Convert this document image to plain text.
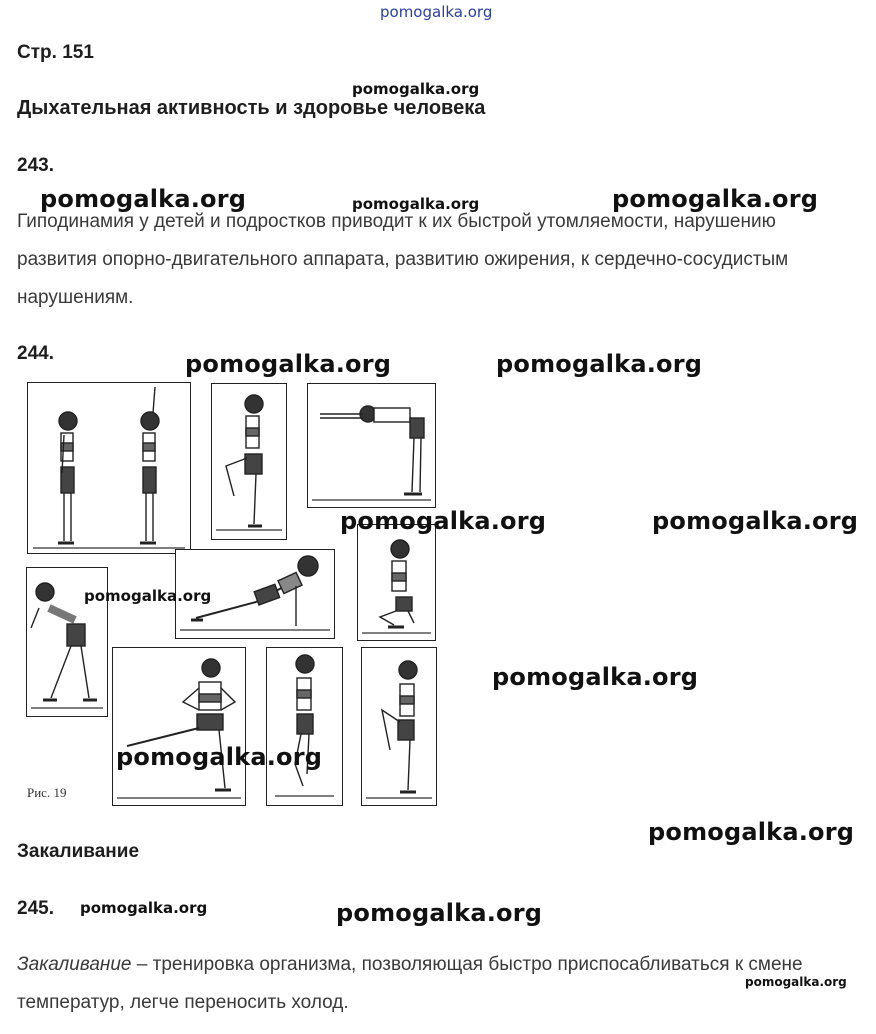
pomogalka.org
Стр. 151
Дыхательная активность и здоровье человека
243.
Гиподинамия у детей и подростков приводит к их быстрой утомляемости, нарушению развития опорно-двигательного аппарата, развитию ожирения, к сердечно-сосудистым нарушениям.
244.
Рис. 19
Закаливание
245.
Закаливание – тренировка организма, позволяющая быстро приспосабливаться к смене температур, легче переносить холод.
pomogalka.org
pomogalka.org	pomogalka.org	pomogalka.org
pomogalka.org	pomogalka.org
pomogalka.org	pomogalka.org
pomogalka.org
pomogalka.org
pomogalka.org
pomogalka.org
pomogalka.org	pomogalka.org
pomogalka.org
